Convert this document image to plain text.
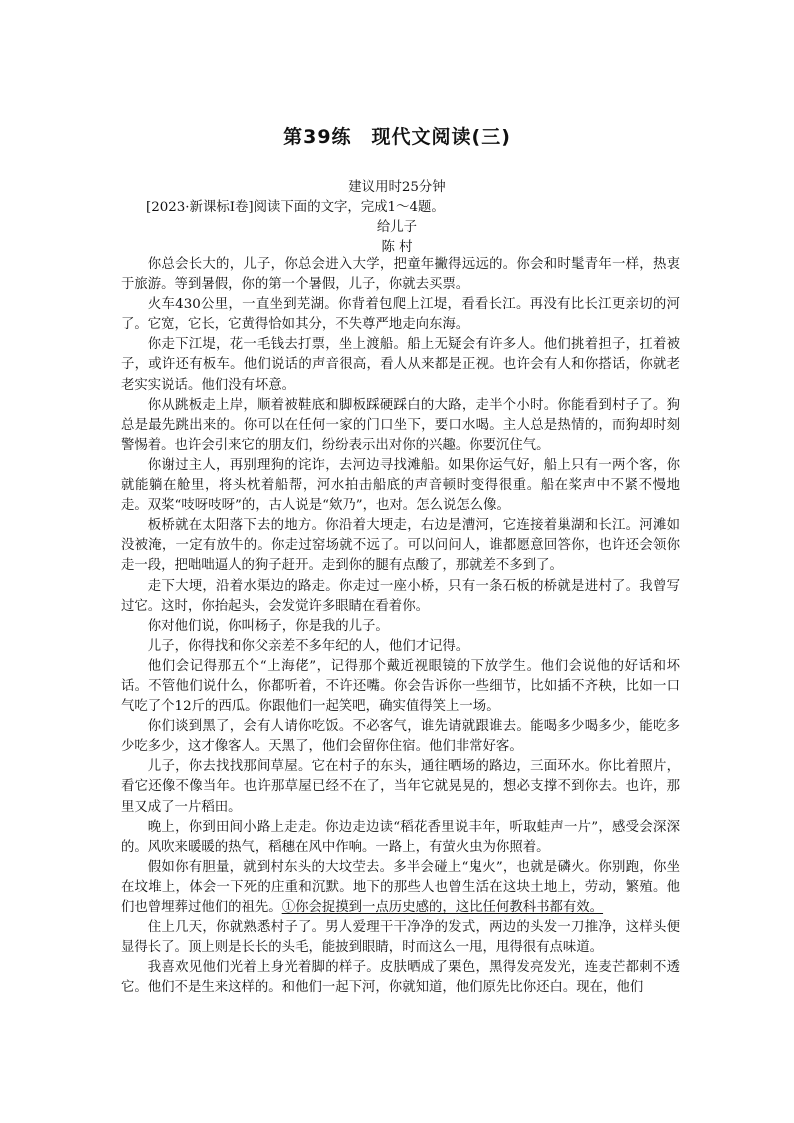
第39练　现代文阅读(三)
建议用时25分钟
[2023·新课标Ⅰ卷]阅读下面的文字，完成1～4题。
给儿子
陈 村

你总会长大的，儿子，你总会进入大学，把童年撇得远远的。你会和时髦青年一样，热衷于旅游。等到暑假，你的第一个暑假，儿子，你就去买票。

火车430公里，一直坐到芜湖。你背着包爬上江堤，看看长江。再没有比长江更亲切的河了。它宽，它长，它黄得恰如其分，不失尊严地走向东海。

你走下江堤，花一毛钱去打票，坐上渡船。船上无疑会有许多人。他们挑着担子，扛着被子，或许还有板车。他们说话的声音很高，看人从来都是正视。也许会有人和你搭话，你就老老实实说话。他们没有坏意。

你从跳板走上岸，顺着被鞋底和脚板踩硬踩白的大路，走半个小时。你能看到村子了。狗总是最先跳出来的。你可以在任何一家的门口坐下，要口水喝。主人总是热情的，而狗却时刻警惕着。也许会引来它的朋友们，纷纷表示出对你的兴趣。你要沉住气。

你谢过主人，再别理狗的诧诈，去河边寻找滩船。如果你运气好，船上只有一两个客，你就能躺在舱里，将头枕着船帮，河水拍击船底的声音顿时变得很重。船在桨声中不紧不慢地走。双桨“吱呀吱呀”的，古人说是“欸乃”，也对。怎么说怎么像。

板桥就在太阳落下去的地方。你沿着大埂走，右边是漕河，它连接着巢湖和长江。河滩如没被淹，一定有放牛的。你走过窑场就不远了。可以问问人，谁都愿意回答你，也许还会领你走一段，把咄咄逼人的狗子赶开。走到你的腿有点酸了，那就差不多到了。

走下大埂，沿着水渠边的路走。你走过一座小桥，只有一条石板的桥就是进村了。我曾写过它。这时，你抬起头，会发觉许多眼睛在看着你。

你对他们说，你叫杨子，你是我的儿子。

儿子，你得找和你父亲差不多年纪的人，他们才记得。

他们会记得那五个“上海佬”，记得那个戴近视眼镜的下放学生。他们会说他的好话和坏话。不管他们说什么，你都听着，不许还嘴。你会告诉你一些细节，比如插不齐秧，比如一口气吃了个12斤的西瓜。你跟他们一起笑吧，确实值得笑上一场。

你们谈到黑了，会有人请你吃饭。不必客气，谁先请就跟谁去。能喝多少喝多少，能吃多少吃多少，这才像客人。天黑了，他们会留你住宿。他们非常好客。

儿子，你去找找那间草屋。它在村子的东头，通往晒场的路边，三面环水。你比着照片，看它还像不像当年。也许那草屋已经不在了，当年它就晃晃的，想必支撑不到你去。也许，那里又成了一片稻田。

晚上，你到田间小路上走走。你边走边读“稻花香里说丰年，听取蛙声一片”，感受会深深的。风吹来暖暖的热气，稻穗在风中作响。一路上，有萤火虫为你照着。

假如你有胆量，就到村东头的大坟茔去。多半会碰上“鬼火”，也就是磷火。你别跑，你坐在坟堆上，体会一下死的庄重和沉默。地下的那些人也曾生活在这块土地上，劳动，繁殖。他们也曾埋葬过他们的祖先。①你会捉摸到一点历史感的，这比任何教科书都有效。

住上几天，你就熟悉村子了。男人爱理干干净净的发式，两边的头发一刀推净，这样头便显得长了。顶上则是长长的头毛，能披到眼睛，时而这么一甩，甩得很有点味道。

我喜欢见他们光着上身光着脚的样子。皮肤晒成了栗色，黑得发亮发光，连麦芒都刺不透它。他们不是生来这样的。和他们一起下河，你就知道，他们原先比你还白。现在，他们
